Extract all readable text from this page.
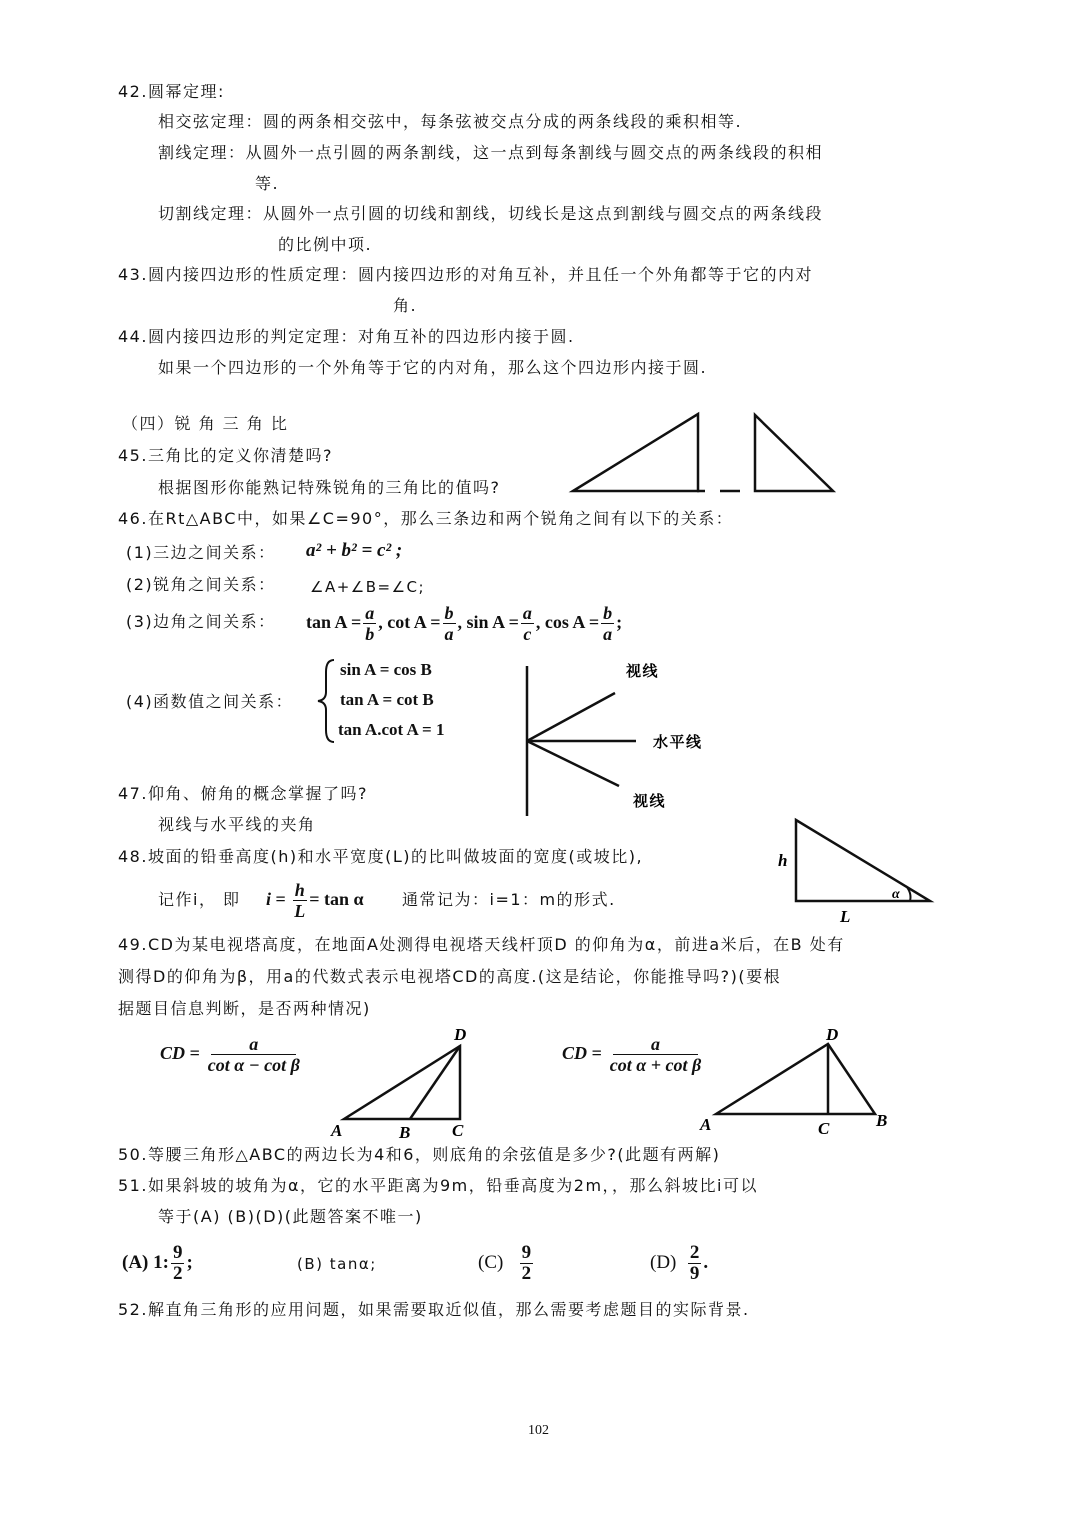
42.圆幂定理:
相交弦定理：圆的两条相交弦中，每条弦被交点分成的两条线段的乘积相等.
割线定理：从圆外一点引圆的两条割线，这一点到每条割线与圆交点的两条线段的积相
等.
切割线定理：从圆外一点引圆的切线和割线，切线长是这点到割线与圆交点的两条线段
的比例中项.
43.圆内接四边形的性质定理：圆内接四边形的对角互补，并且任一个外角都等于它的内对
角.
44.圆内接四边形的判定定理：对角互补的四边形内接于圆.
如果一个四边形的一个外角等于它的内对角，那么这个四边形内接于圆.
（四）锐 角 三 角 比
45.三角比的定义你清楚吗?
根据图形你能熟记特殊锐角的三角比的值吗?
46.在Rt△ABC中，如果∠C=90°，那么三条边和两个锐角之间有以下的关系：
(1)三边之间关系： a² + b² = c² ;
(2)锐角之间关系： ∠A+∠B=∠C;
(3)边角之间关系： $\tan A = \frac{a}{b}$ , $\cot A = \frac{b}{a}$ , $\sin A = \frac{a}{c}$ , $\cos A = \frac{b}{a}$ ;
(4)函数值之间关系：
sin A = cos B
tan A = cot B
tan A.cot A = 1
47.仰角、俯角的概念掌握了吗?
视线与水平线的夹角
48.坡面的铅垂高度(h)和水平宽度(L)的比叫做坡面的宽度(或坡比),
记作i， 即 $i = \frac{h}{L} = \tan \alpha$ 通常记为：i=1：m的形式.
49.CD为某电视塔高度，在地面A处测得电视塔天线杆顶D 的仰角为α，前进a米后，在B 处有
测得D的仰角为β，用a的代数式表示电视塔CD的高度.(这是结论，你能推导吗?)(要根
据题目信息判断，是否两种情况)
CD = $\frac{a}{\text{cot α − cot β}}$	CD = $\frac{a}{\text{cot α + cot β}}$
50.等腰三角形△ABC的两边长为4和6，则底角的余弦值是多少?(此题有两解)
51.如果斜坡的坡角为α，它的水平距离为9m，铅垂高度为2m，，那么斜坡比i可以
等于(A) (B)(D)(此题答案不唯一)
(A) 1: $\frac{9}{2}$ ;	(B) tanα;	$(C) \frac{9}{2}$	$(D) \frac{2}{9}$ .
52.解直角三角形的应用问题，如果需要取近似值，那么需要考虑题目的实际背景.
102
视线
水平线
视线
h
α
L
D
A	B C
D
A	C	B
